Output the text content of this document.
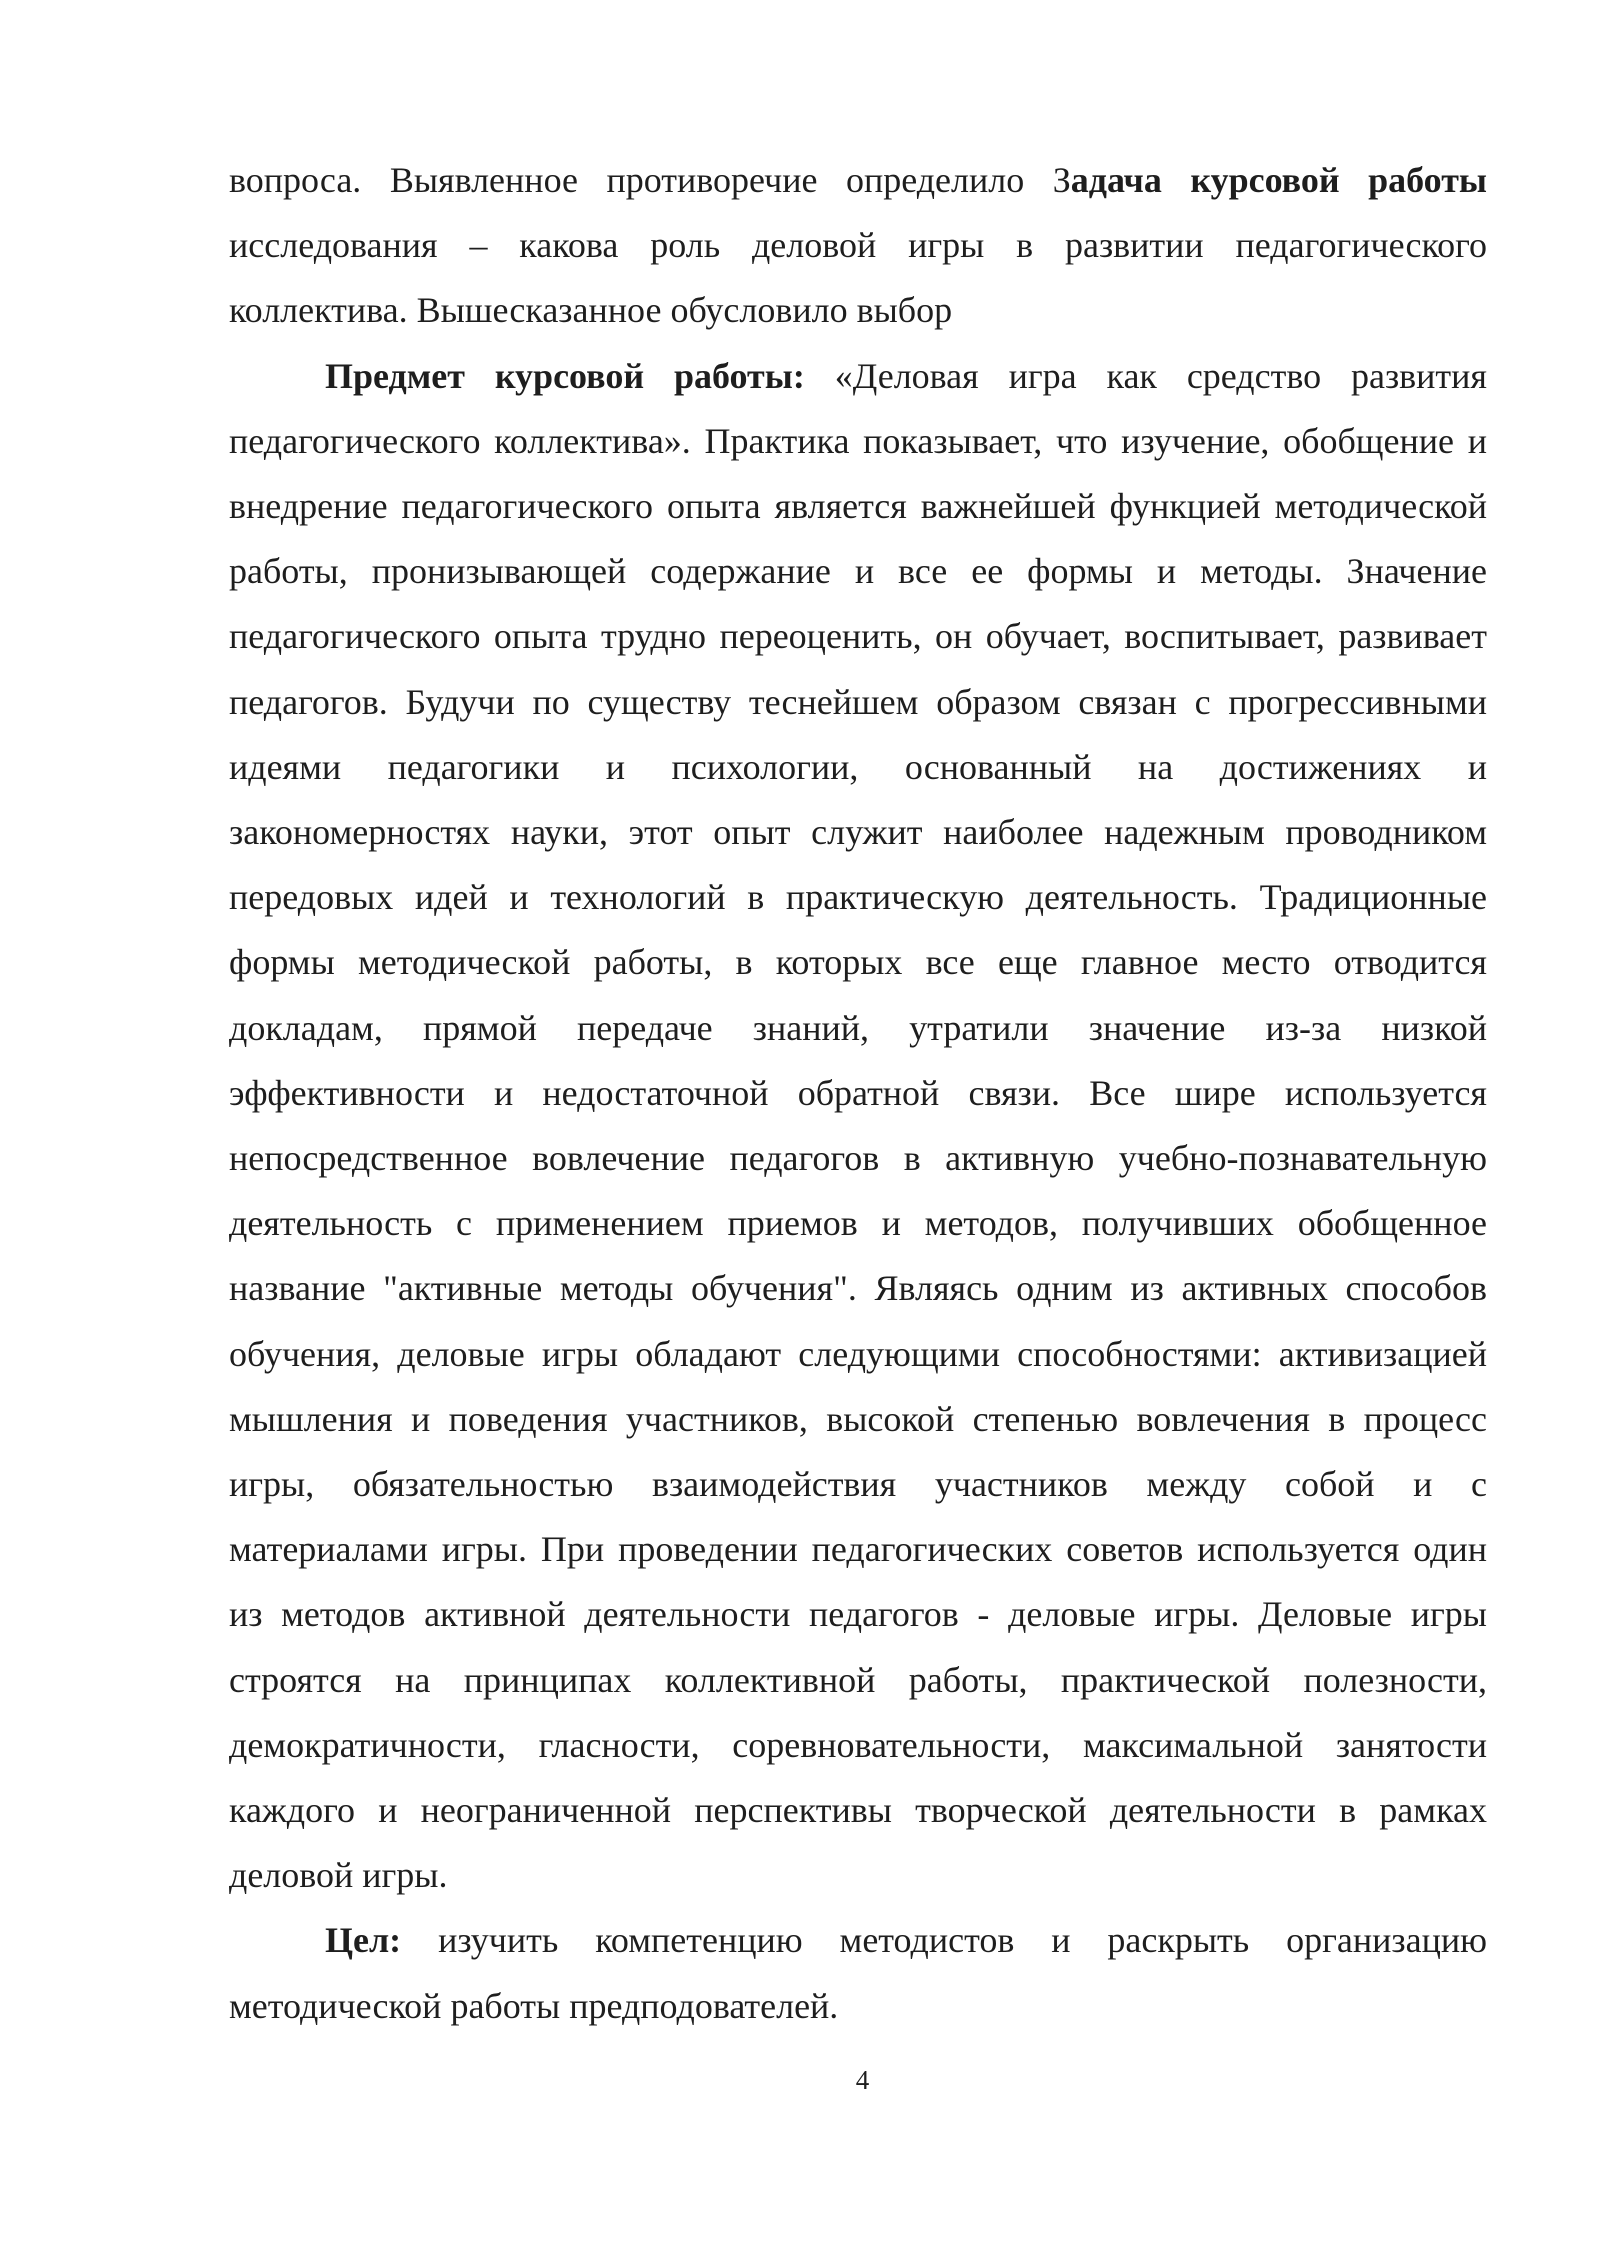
вопроса. Выявленное противоречие определило Задача курсовой работы исследования – какова роль деловой игры в развитии педагогического коллектива. Вышесказанное обусловило выбор

Предмет курсовой работы: «Деловая игра как средство развития педагогического коллектива». Практика показывает, что изучение, обобщение и внедрение педагогического опыта является важнейшей функцией методической работы, пронизывающей содержание и все ее формы и методы. Значение педагогического опыта трудно переоценить, он обучает, воспитывает, развивает педагогов. Будучи по существу теснейшем образом связан с прогрессивными идеями педагогики и психологии, основанный на достижениях и закономерностях науки, этот опыт служит наиболее надежным проводником передовых идей и технологий в практическую деятельность. Традиционные формы методической работы, в которых все еще главное место отводится докладам, прямой передаче знаний, утратили значение из-за низкой эффективности и недостаточной обратной связи. Все шире используется непосредственное вовлечение педагогов в активную учебно-познавательную деятельность с применением приемов и методов, получивших обобщенное название "активные методы обучения". Являясь одним из активных способов обучения, деловые игры обладают следующими способностями: активизацией мышления и поведения участников, высокой степенью вовлечения в процесс игры, обязательностью взаимодействия участников между собой и с материалами игры. При проведении педагогических советов используется один из методов активной деятельности педагогов - деловые игры. Деловые игры строятся на принципах коллективной работы, практической полезности, демократичности, гласности, соревновательности, максимальной занятости каждого и неограниченной перспективы творческой деятельности в рамках деловой игры.

Цел: изучить компетенцию методистов и раскрыть организацию методической работы предподователей.

4
